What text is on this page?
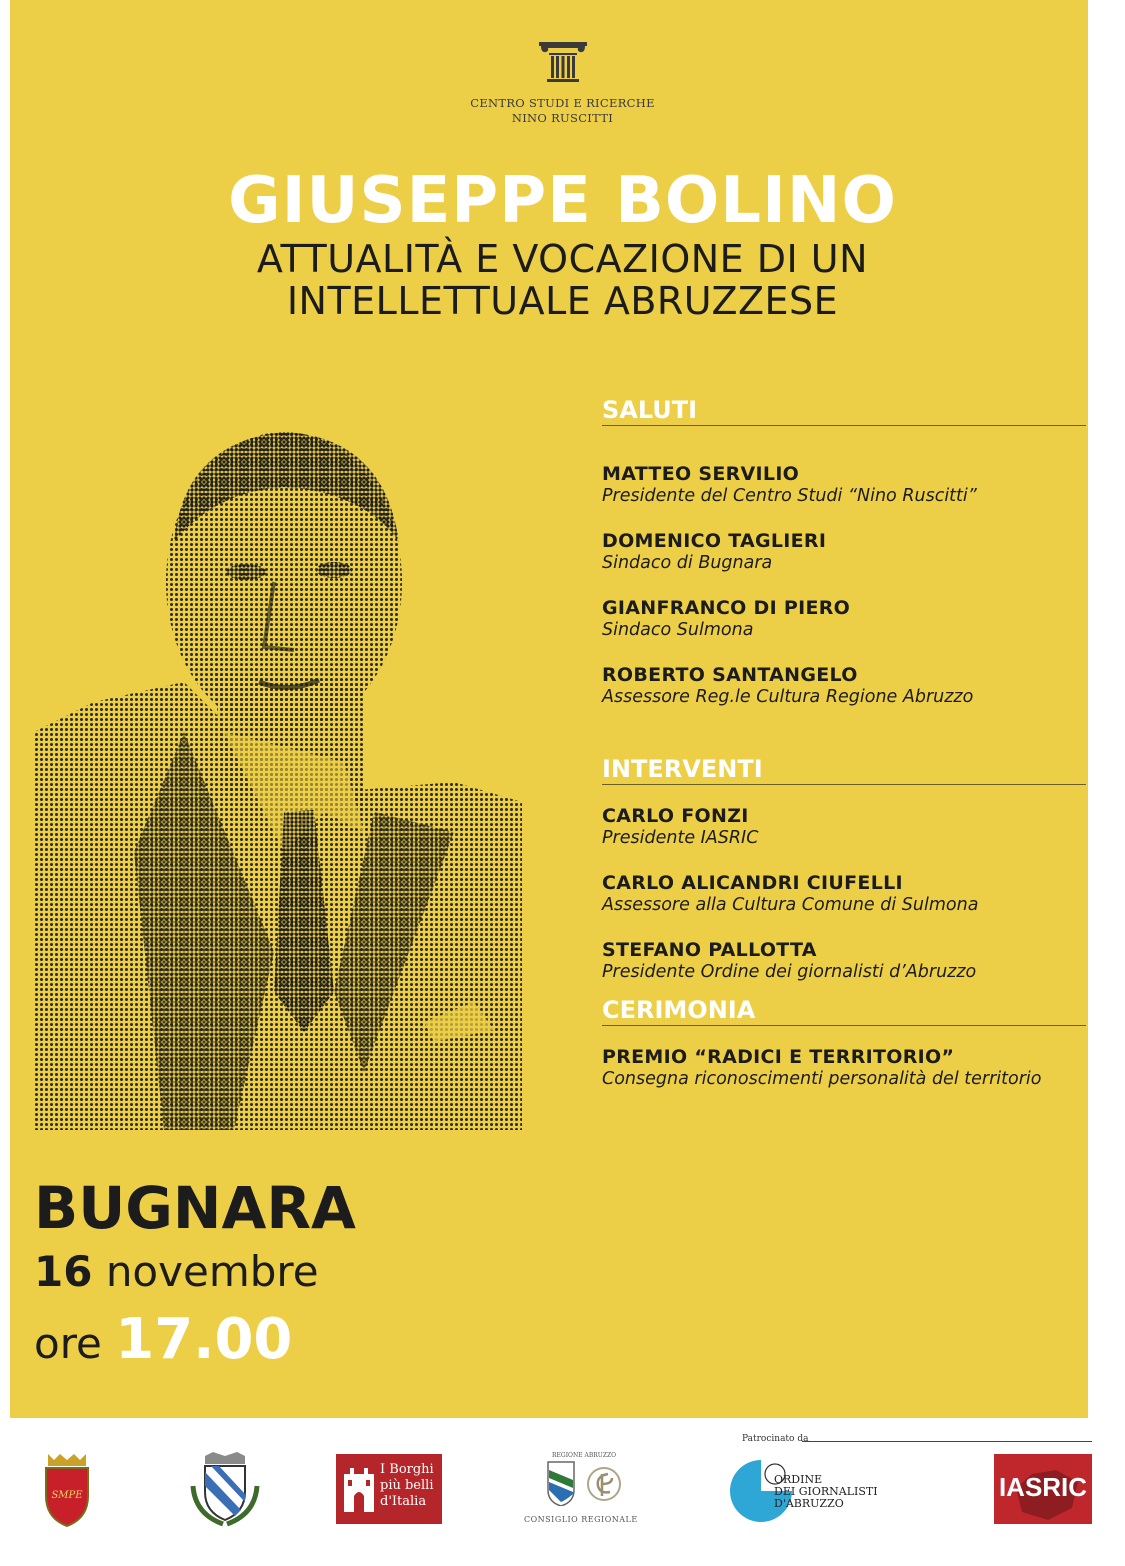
CENTRO STUDI E RICERCHE
NINO RUSCITTI
GIUSEPPE BOLINO
ATTUALITÀ E VOCAZIONE DI UN
INTELLETTUALE ABRUZZESE
SALUTI
MATTEO SERVILIO
Presidente del Centro Studi “Nino Ruscitti”
DOMENICO TAGLIERI
Sindaco di Bugnara
GIANFRANCO DI PIERO
Sindaco Sulmona
ROBERTO SANTANGELO
Assessore Reg.le Cultura Regione Abruzzo
INTERVENTI
CARLO FONZI
Presidente IASRIC
CARLO ALICANDRI CIUFELLI
Assessore alla Cultura Comune di Sulmona
STEFANO PALLOTTA
Presidente Ordine dei giornalisti d’Abruzzo
CERIMONIA
PREMIO “RADICI E TERRITORIO”
Consegna riconoscimenti personalità del territorio
BUGNARA
16 novembre
ore 17.00
Patrocinato da
SMPE
I Borghi
più belli
d'Italia
REGIONE ABRUZZO
CONSIGLIO REGIONALE
ORDINE
DEI GIORNALISTI
D'ABRUZZO
IASRIC
